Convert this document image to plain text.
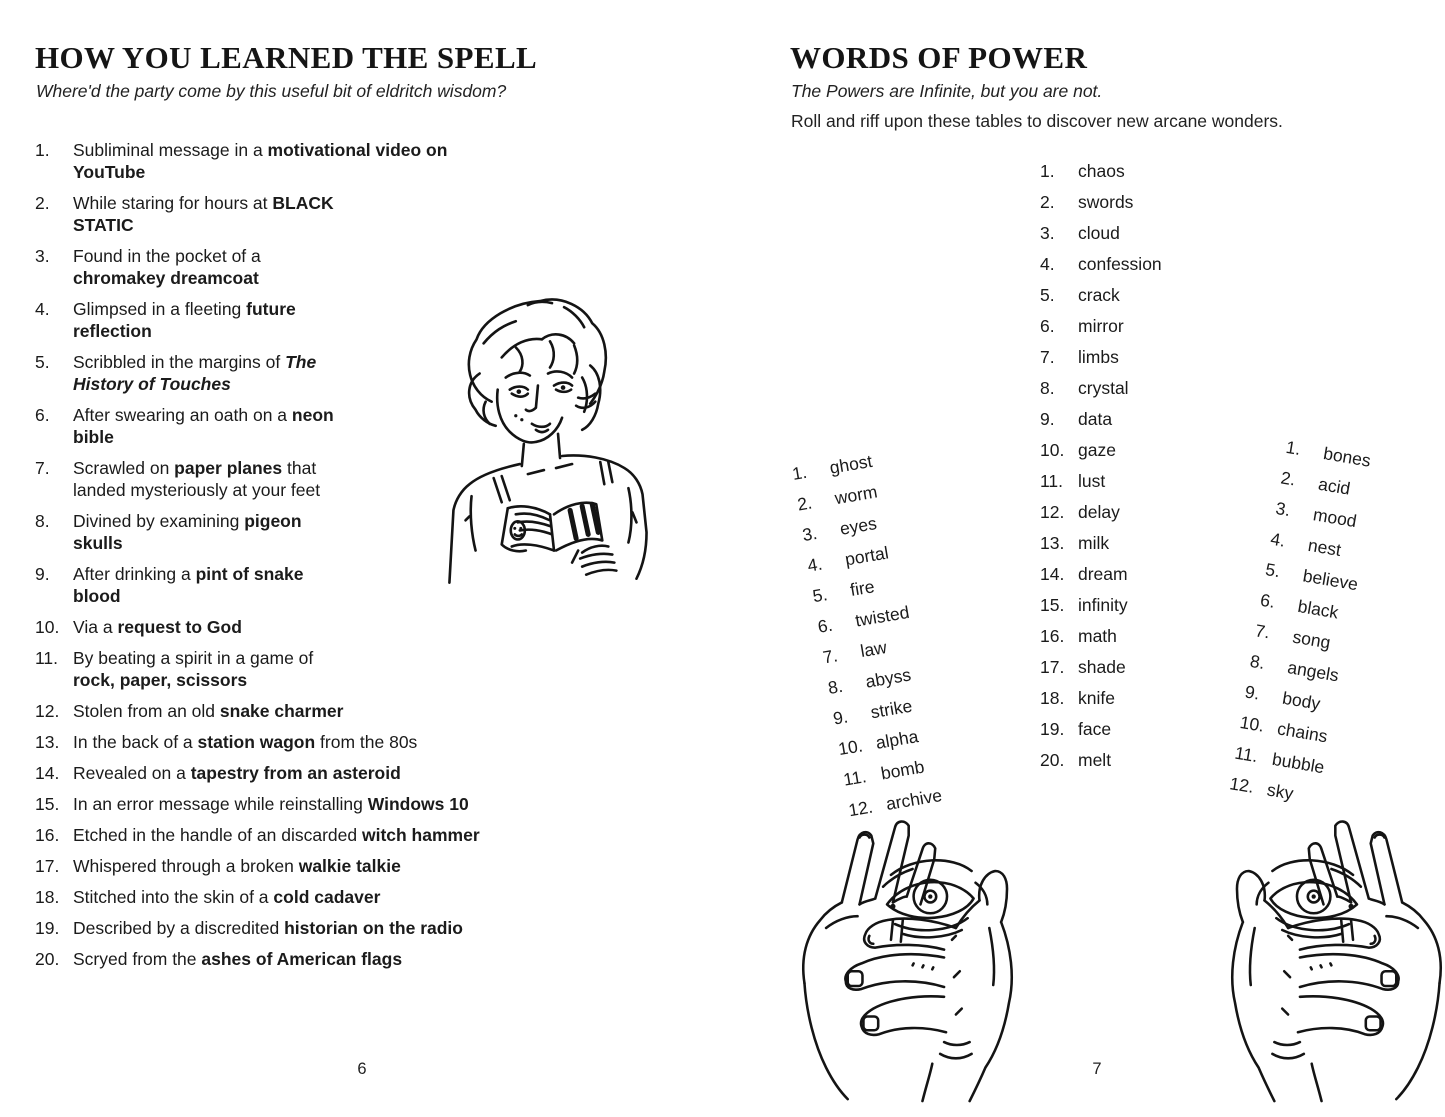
HOW YOU LEARNED THE SPELL
Where'd the party come by this useful bit of eldritch wisdom?
1. Subliminal message in a motivational video on
YouTube
2. While staring for hours at BLACK
STATIC
3. Found in the pocket of a
chromakey dreamcoat
4. Glimpsed in a fleeting future
reflection
5. Scribbled in the margins of The
History of Touches
6. After swearing an oath on a neon
bible
7. Scrawled on paper planes that
landed mysteriously at your feet
8. Divined by examining pigeon
skulls
9. After drinking a pint of snake
blood
10. Via a request to God
11. By beating a spirit in a game of
rock, paper, scissors
12. Stolen from an old snake charmer
13. In the back of a station wagon from the 80s
14. Revealed on a tapestry from an asteroid
15. In an error message while reinstalling Windows 10
16. Etched in the handle of an discarded witch hammer
17. Whispered through a broken walkie talkie
18. Stitched into the skin of a cold cadaver
19. Described by a discredited historian on the radio
20. Scryed from the ashes of American flags
6
WORDS OF POWER
The Powers are Infinite, but you are not.
Roll and riff upon these tables to discover new arcane wonders.
1. chaos
2. swords
3. cloud
4. confession
5. crack
6. mirror
7. limbs
8. crystal
9. data
10. gaze
11. lust
12. delay
13. milk
14. dream
15. infinity
16. math
17. shade
18. knife
19. face
20. melt
1. ghost
2. worm
3. eyes
4. portal
5. fire
6. twisted
7. law
8. abyss
9. strike
10. alpha
11. bomb
12. archive
1. bones
2. acid
3. mood
4. nest
5. believe
6. black
7. song
8. angels
9. body
10. chains
11. bubble
12. sky
7
